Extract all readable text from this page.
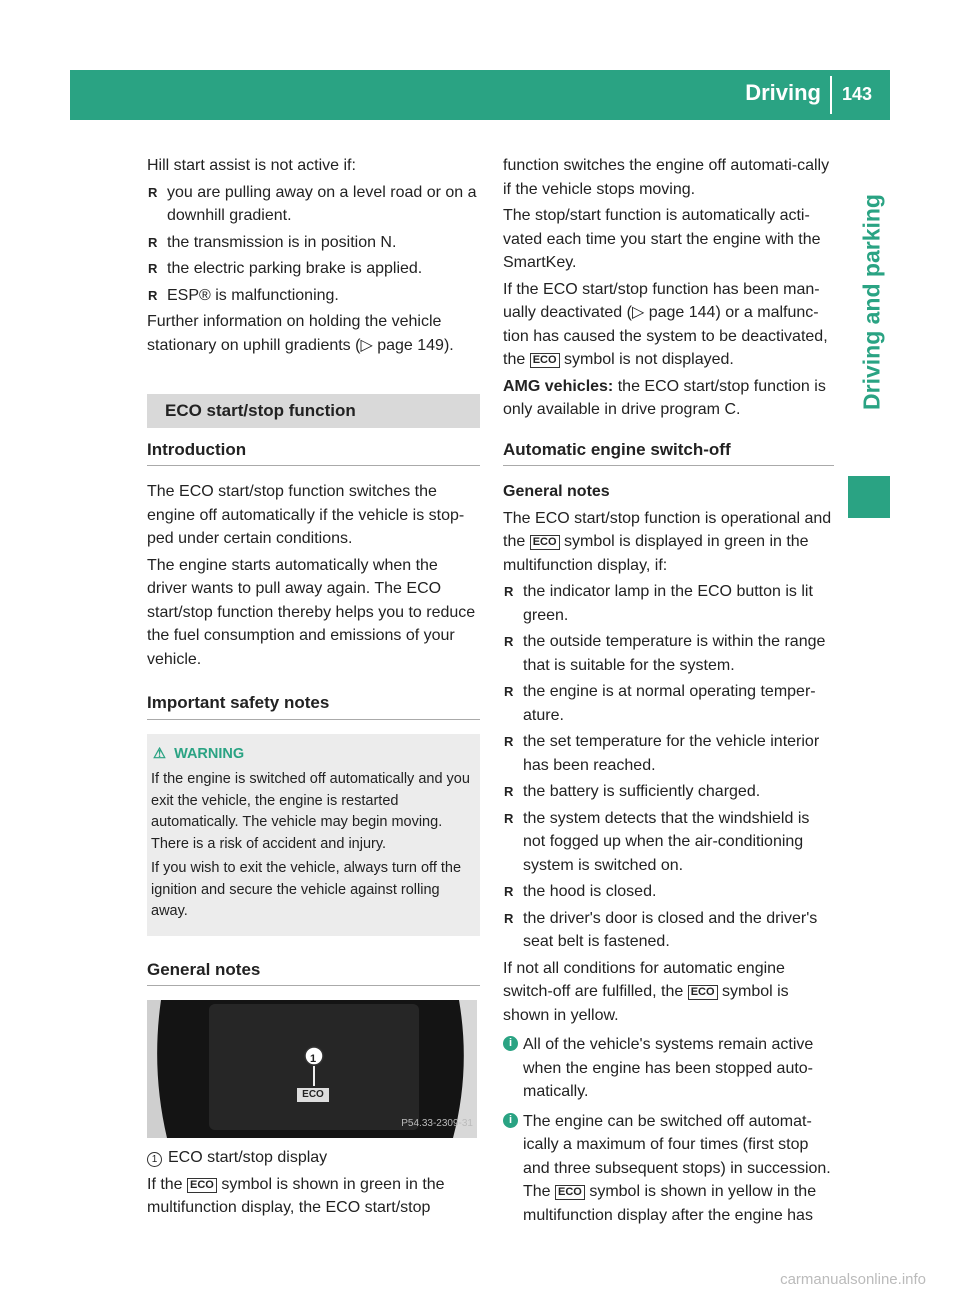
Driving 143
Driving and parking

Hill start assist is not active if:

R you are pulling away on a level road or on a downhill gradient.
R the transmission is in position N.
R the electric parking brake is applied.
R ESP® is malfunctioning.

Further information on holding the vehicle stationary on uphill gradients (▷ page 149).

ECO start/stop function
Introduction

The ECO start/stop function switches the engine off automatically if the vehicle is stop-ped under certain conditions.

The engine starts automatically when the driver wants to pull away again. The ECO start/stop function thereby helps you to reduce the fuel consumption and emissions of your vehicle.

Important safety notes
⚠ WARNING

If the engine is switched off automatically and you exit the vehicle, the engine is restarted automatically. The vehicle may begin moving. There is a risk of accident and injury.

If you wish to exit the vehicle, always turn off the ignition and secure the vehicle against rolling away.

General notes
1
ECO
P54.33-2309-31

1 ECO start/stop display

If the ECO symbol is shown in green in the multifunction display, the ECO start/stop

function switches the engine off automati-cally if the vehicle stops moving.

The stop/start function is automatically acti-vated each time you start the engine with the SmartKey.

If the ECO start/stop function has been man-ually deactivated (▷ page 144) or a malfunc-tion has caused the system to be deactivated, the ECO symbol is not displayed.

AMG vehicles: the ECO start/stop function is only available in drive program C.

Automatic engine switch-off

General notes

The ECO start/stop function is operational and the ECO symbol is displayed in green in the multifunction display, if:

R the indicator lamp in the ECO button is lit green.
R the outside temperature is within the range that is suitable for the system.
R the engine is at normal operating temper-ature.
R the set temperature for the vehicle interior has been reached.
R the battery is sufficiently charged.
R the system detects that the windshield is not fogged up when the air-conditioning system is switched on.
R the hood is closed.
R the driver's door is closed and the driver's seat belt is fastened.

If not all conditions for automatic engine switch-off are fulfilled, the ECO symbol is shown in yellow.

i All of the vehicle's systems remain active when the engine has been stopped auto-matically.
i The engine can be switched off automat-ically a maximum of four times (first stop and three subsequent stops) in succession. The ECO symbol is shown in yellow in the multifunction display after the engine has
carmanualsonline.info
